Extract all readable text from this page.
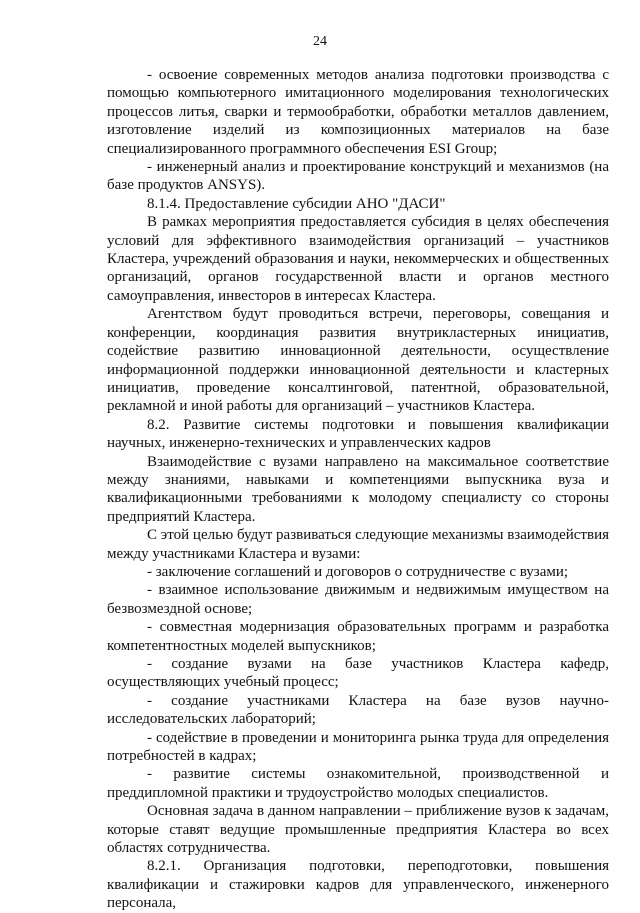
24

- освоение современных методов анализа подготовки производства с помощью компьютерного имитационного моделирования технологических процессов литья, сварки и термообработки, обработки металлов давлением, изготовление изделий из композиционных материалов на базе специализированного программного обеспечения ESI Group;

- инженерный анализ и проектирование конструкций и механизмов (на базе продуктов ANSYS).

8.1.4. Предоставление субсидии АНО "ДАСИ"

В рамках мероприятия предоставляется субсидия в целях обеспечения условий для эффективного взаимодействия организаций – участников Кластера, учреждений образования и науки, некоммерческих и общественных организаций, органов государственной власти и органов местного самоуправления, инвесторов в интересах Кластера.

Агентством будут проводиться встречи, переговоры, совещания и конференции, координация развития внутрикластерных инициатив, содействие развитию инновационной деятельности, осуществление информационной поддержки инновационной деятельности и кластерных инициатив, проведение консалтинговой, патентной, образовательной, рекламной и иной работы для организаций – участников Кластера.

8.2. Развитие системы подготовки и повышения квалификации научных, инженерно-технических и управленческих кадров

Взаимодействие с вузами направлено на максимальное соответствие между знаниями, навыками и компетенциями выпускника вуза и квалификационными требованиями к молодому специалисту со стороны предприятий Кластера.

С этой целью будут развиваться следующие механизмы взаимодействия между участниками Кластера и вузами:

- заключение соглашений и договоров о сотрудничестве с вузами;

- взаимное использование движимым и недвижимым имуществом на безвозмездной основе;

- совместная модернизация образовательных программ и разработка компетентностных моделей выпускников;

- создание вузами на базе участников Кластера кафедр, осуществляющих учебный процесс;

- создание участниками Кластера на базе вузов научно-исследовательских лабораторий;

- содействие в проведении и мониторинга рынка труда для определения потребностей в кадрах;

- развитие системы ознакомительной, производственной и преддипломной практики и трудоустройство молодых специалистов.

Основная задача в данном направлении – приближение вузов к задачам, которые ставят ведущие промышленные предприятия Кластера во всех областях сотрудничества.

8.2.1. Организация подготовки, переподготовки, повышения квалификации и стажировки кадров для управленческого, инженерного персонала,
